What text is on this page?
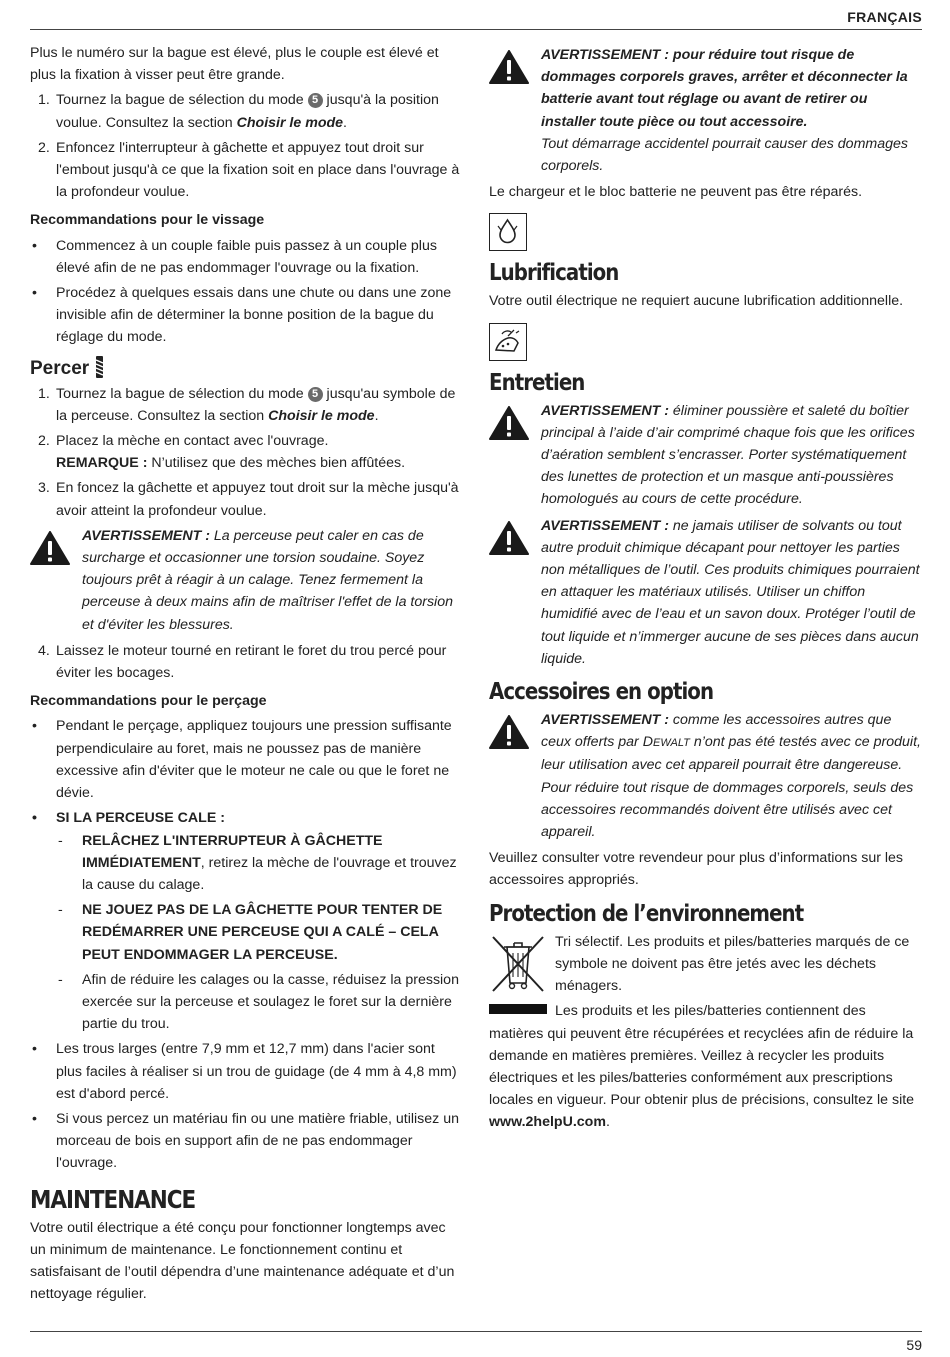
FRANÇAIS

Plus le numéro sur la bague est élevé, plus le couple est élevé et plus la fixation à visser peut être grande.

1. Tournez la bague de sélection du mode 5 jusqu'à la position voulue. Consultez la section Choisir le mode.
2. Enfoncez l'interrupteur à gâchette et appuyez tout droit sur l'embout jusqu'à ce que la fixation soit en place dans l'ouvrage à la profondeur voulue.
Recommandations pour le vissage
• Commencez à un couple faible puis passez à un couple plus élevé afin de ne pas endommager l'ouvrage ou la fixation.
• Procédez à quelques essais dans une chute ou dans une zone invisible afin de déterminer la bonne position de la bague du réglage du mode.
Percer
1. Tournez la bague de sélection du mode 5 jusqu'au symbole de la perceuse. Consultez la section Choisir le mode.
2. Placez la mèche en contact avec l'ouvrage.
REMARQUE : N’utilisez que des mèches bien affûtées.
3. En foncez la gâchette et appuyez tout droit sur la mèche jusqu'à avoir atteint la profondeur voulue.
AVERTISSEMENT : La perceuse peut caler en cas de surcharge et occasionner une torsion soudaine. Soyez toujours prêt à réagir à un calage. Tenez fermement la perceuse à deux mains afin de maîtriser l'effet de la torsion et d'éviter les blessures.
4. Laissez le moteur tourné en retirant le foret du trou percé pour éviter les bocages.
Recommandations pour le perçage
• Pendant le perçage, appliquez toujours une pression suffisante perpendiculaire au foret, mais ne poussez pas de manière excessive afin d'éviter que le moteur ne cale ou que le foret ne dévie.
• SI LA PERCEUSE CALE :
- RELÂCHEZ L'INTERRUPTEUR À GÂCHETTE IMMÉDIATEMENT, retirez la mèche de l'ouvrage et trouvez la cause du calage.
- NE JOUEZ PAS DE LA GÂCHETTE POUR TENTER DE REDÉMARRER UNE PERCEUSE QUI A CALÉ – CELA PEUT ENDOMMAGER LA PERCEUSE.
- Afin de réduire les calages ou la casse, réduisez la pression exercée sur la perceuse et soulagez le foret sur la dernière partie du trou.
• Les trous larges (entre 7,9 mm et 12,7 mm) dans l'acier sont plus faciles à réaliser si un trou de guidage (de 4 mm à 4,8 mm) est d'abord percé.
• Si vous percez un matériau fin ou une matière friable, utilisez un morceau de bois en support afin de ne pas endommager l'ouvrage.
MAINTENANCE

Votre outil électrique a été conçu pour fonctionner longtemps avec un minimum de maintenance. Le fonctionnement continu et satisfaisant de l’outil dépendra d’une maintenance adéquate et d’un nettoyage régulier.

AVERTISSEMENT : pour réduire tout risque de dommages corporels graves, arrêter et déconnecter la batterie avant tout réglage ou avant de retirer ou installer toute pièce ou tout accessoire.
Tout démarrage accidentel pourrait causer des dommages corporels.

Le chargeur et le bloc batterie ne peuvent pas être réparés.

Lubrification

Votre outil électrique ne requiert aucune lubrification additionnelle.

Entretien
AVERTISSEMENT : éliminer poussière et saleté du boîtier principal à l’aide d’air comprimé chaque fois que les orifices d’aération semblent s’encrasser. Porter systématiquement des lunettes de protection et un masque anti-poussières homologués au cours de cette procédure.
AVERTISSEMENT : ne jamais utiliser de solvants ou tout autre produit chimique décapant pour nettoyer les parties non métalliques de l’outil. Ces produits chimiques pourraient en attaquer les matériaux utilisés. Utiliser un chiffon humidifié avec de l’eau et un savon doux. Protéger l’outil de tout liquide et n’immerger aucune de ses pièces dans aucun liquide.
Accessoires en option
AVERTISSEMENT : comme les accessoires autres que ceux offerts par DEWALT n’ont pas été testés avec ce produit, leur utilisation avec cet appareil pourrait être dangereuse. Pour réduire tout risque de dommages corporels, seuls des accessoires recommandés doivent être utilisés avec cet appareil.

Veuillez consulter votre revendeur pour plus d’informations sur les accessoires appropriés.

Protection de l’environnement

Tri sélectif. Les produits et piles/batteries marqués de ce symbole ne doivent pas être jetés avec les déchets ménagers.

Les produits et les piles/batteries contiennent des matières qui peuvent être récupérées et recyclées afin de réduire la demande en matières premières. Veillez à recycler les produits électriques et les piles/batteries conformément aux prescriptions locales en vigueur. Pour obtenir plus de précisions, consultez le site www.2helpU.com.

59
